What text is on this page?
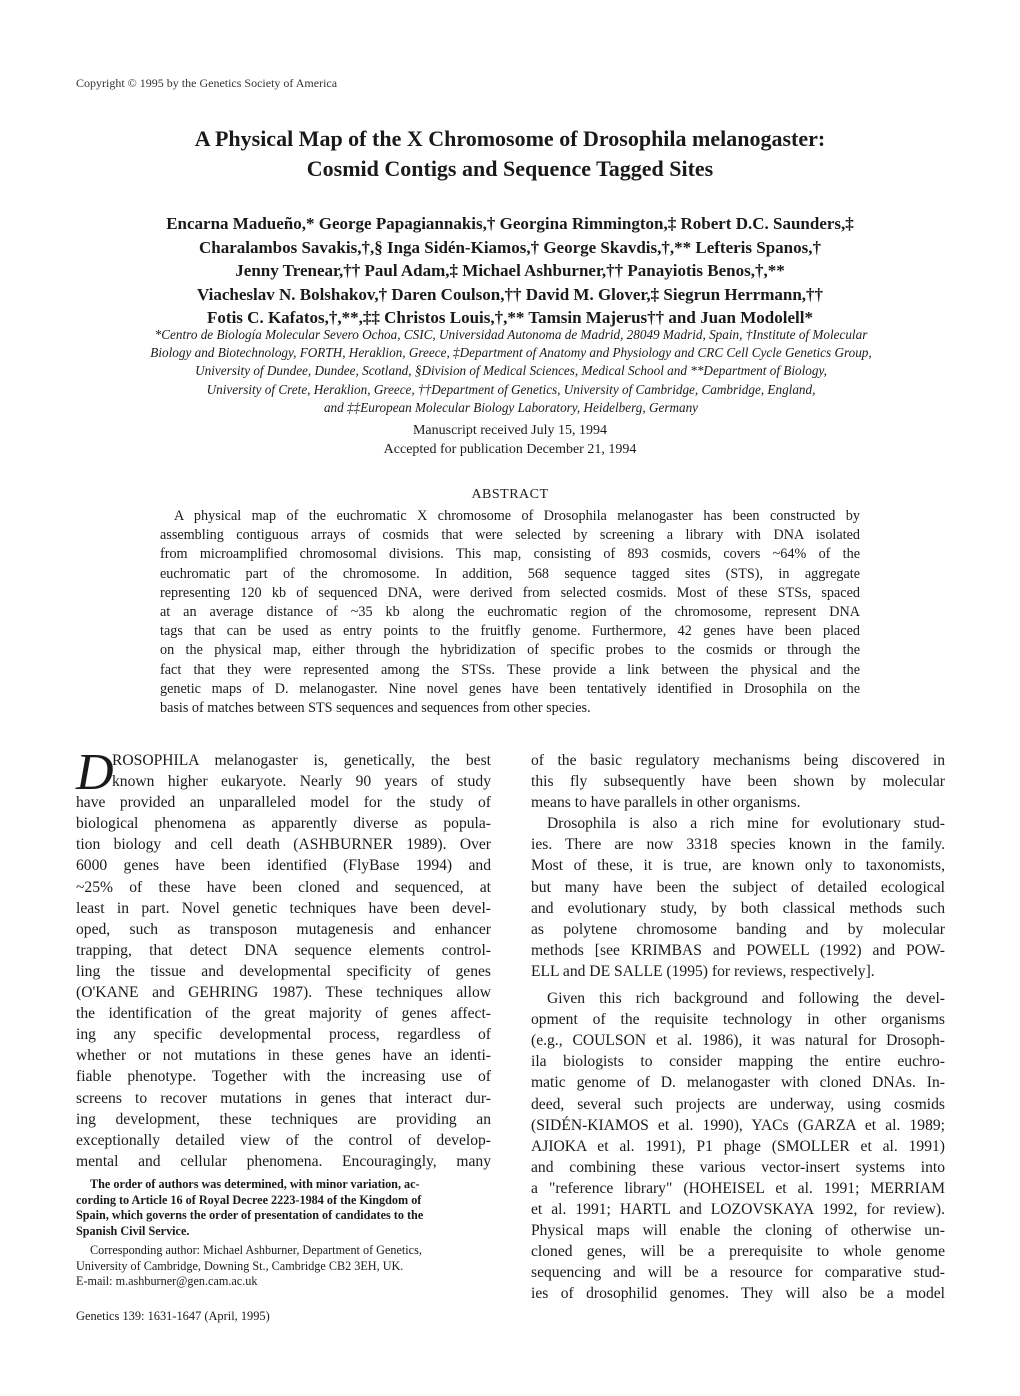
Copyright © 1995 by the Genetics Society of America
A Physical Map of the X Chromosome of Drosophila melanogaster:
Cosmid Contigs and Sequence Tagged Sites
Encarna Madueño,* George Papagiannakis,† Georgina Rimmington,‡ Robert D.C. Saunders,‡
Charalambos Savakis,†,§ Inga Sidén-Kiamos,† George Skavdis,†,** Lefteris Spanos,†
Jenny Trenear,†† Paul Adam,‡ Michael Ashburner,†† Panayiotis Benos,†,**
Viacheslav N. Bolshakov,† Daren Coulson,†† David M. Glover,‡ Siegrun Herrmann,††
Fotis C. Kafatos,†,**,‡‡ Christos Louis,†,** Tamsin Majerus†† and Juan Modolell*
*Centro de Biología Molecular Severo Ochoa, CSIC, Universidad Autonoma de Madrid, 28049 Madrid, Spain, †Institute of Molecular
Biology and Biotechnology, FORTH, Heraklion, Greece, ‡Department of Anatomy and Physiology and CRC Cell Cycle Genetics Group,
University of Dundee, Dundee, Scotland, §Division of Medical Sciences, Medical School and **Department of Biology,
University of Crete, Heraklion, Greece, ††Department of Genetics, University of Cambridge, Cambridge, England,
and ‡‡European Molecular Biology Laboratory, Heidelberg, Germany
Manuscript received July 15, 1994
Accepted for publication December 21, 1994
ABSTRACT
A physical map of the euchromatic X chromosome of Drosophila melanogaster has been constructed by
assembling contiguous arrays of cosmids that were selected by screening a library with DNA isolated
from microamplified chromosomal divisions. This map, consisting of 893 cosmids, covers ~64% of the
euchromatic part of the chromosome. In addition, 568 sequence tagged sites (STS), in aggregate
representing 120 kb of sequenced DNA, were derived from selected cosmids. Most of these STSs, spaced
at an average distance of ~35 kb along the euchromatic region of the chromosome, represent DNA
tags that can be used as entry points to the fruitfly genome. Furthermore, 42 genes have been placed
on the physical map, either through the hybridization of specific probes to the cosmids or through the
fact that they were represented among the STSs. These provide a link between the physical and the
genetic maps of D. melanogaster. Nine novel genes have been tentatively identified in Drosophila on the
basis of matches between STS sequences and sequences from other species.
D
ROSOPHILA melanogaster is, genetically, the best
known higher eukaryote. Nearly 90 years of study
have provided an unparalleled model for the study of
biological phenomena as apparently diverse as popula-
tion biology and cell death (ASHBURNER 1989). Over
6000 genes have been identified (FlyBase 1994) and
~25% of these have been cloned and sequenced, at
least in part. Novel genetic techniques have been devel-
oped, such as transposon mutagenesis and enhancer
trapping, that detect DNA sequence elements control-
ling the tissue and developmental specificity of genes
(O'KANE and GEHRING 1987). These techniques allow
the identification of the great majority of genes affect-
ing any specific developmental process, regardless of
whether or not mutations in these genes have an identi-
fiable phenotype. Together with the increasing use of
screens to recover mutations in genes that interact dur-
ing development, these techniques are providing an
exceptionally detailed view of the control of develop-
mental and cellular phenomena. Encouragingly, many
The order of authors was determined, with minor variation, ac-
cording to Article 16 of Royal Decree 2223-1984 of the Kingdom of
Spain, which governs the order of presentation of candidates to the
Spanish Civil Service.
Corresponding author: Michael Ashburner, Department of Genetics,
University of Cambridge, Downing St., Cambridge CB2 3EH, UK.
E-mail: m.ashburner@gen.cam.ac.uk
Genetics 139: 1631-1647 (April, 1995)
of the basic regulatory mechanisms being discovered in
this fly subsequently have been shown by molecular
means to have parallels in other organisms.
Drosophila is also a rich mine for evolutionary stud-
ies. There are now 3318 species known in the family.
Most of these, it is true, are known only to taxonomists,
but many have been the subject of detailed ecological
and evolutionary study, by both classical methods such
as polytene chromosome banding and by molecular
methods [see KRIMBAS and POWELL (1992) and POW-
ELL and DE SALLE (1995) for reviews, respectively].
Given this rich background and following the devel-
opment of the requisite technology in other organisms
(e.g., COULSON et al. 1986), it was natural for Drosoph-
ila biologists to consider mapping the entire euchro-
matic genome of D. melanogaster with cloned DNAs. In-
deed, several such projects are underway, using cosmids
(SIDÉN-KIAMOS et al. 1990), YACs (GARZA et al. 1989;
AJIOKA et al. 1991), P1 phage (SMOLLER et al. 1991)
and combining these various vector-insert systems into
a "reference library" (HOHEISEL et al. 1991; MERRIAM
et al. 1991; HARTL and LOZOVSKAYA 1992, for review).
Physical maps will enable the cloning of otherwise un-
cloned genes, will be a prerequisite to whole genome
sequencing and will be a resource for comparative stud-
ies of drosophilid genomes. They will also be a model
